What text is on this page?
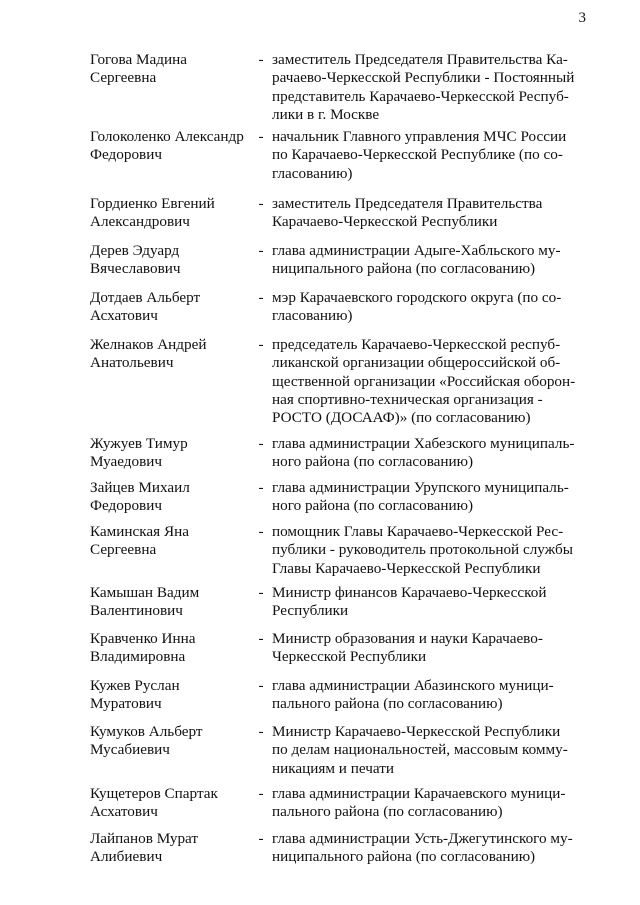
3
Гогова Мадина
Сергеевна
- заместитель Председателя Правительства Ка-
рачаево-Черкесской Республики - Постоянный
представитель Карачаево-Черкесской Респуб-
лики в г. Москве
Голоколенко Александр
Федорович
- начальник Главного управления МЧС России
по Карачаево-Черкесской Республике (по со-
гласованию)
Гордиенко Евгений
Александрович
- заместитель Председателя Правительства
Карачаево-Черкесской Республики
Дерев Эдуард
Вячеславович
- глава администрации Адыге-Хабльского му-
ниципального района (по согласованию)
Дотдаев Альберт
Асхатович
- мэр Карачаевского городского округа (по со-
гласованию)
Желнаков Андрей
Анатольевич
- председатель Карачаево-Черкесской респуб-
ликанской организации общероссийской об-
щественной организации «Российская оборон-
ная спортивно-техническая организация -
РОСТО (ДОСААФ)» (по согласованию)
Жужуев Тимур
Муаедович
- глава администрации Хабезского муниципаль-
ного района (по согласованию)
Зайцев Михаил
Федорович
- глава администрации Урупского муниципаль-
ного района (по согласованию)
Каминская Яна
Сергеевна
- помощник Главы Карачаево-Черкесской Рес-
публики - руководитель протокольной службы
Главы Карачаево-Черкесской Республики
Камышан Вадим
Валентинович
- Министр финансов Карачаево-Черкесской
Республики
Кравченко Инна
Владимировна
- Министр образования и науки Карачаево-
Черкесской Республики
Кужев Руслан
Муратович
- глава администрации Абазинского муници-
пального района (по согласованию)
Кумуков Альберт
Мусабиевич
- Министр Карачаево-Черкесской Республики
по делам национальностей, массовым комму-
никациям и печати
Кущетеров Спартак
Асхатович
- глава администрации Карачаевского муници-
пального района (по согласованию)
Лайпанов Мурат
Алибиевич
- глава администрации Усть-Джегутинского му-
ниципального района (по согласованию)
